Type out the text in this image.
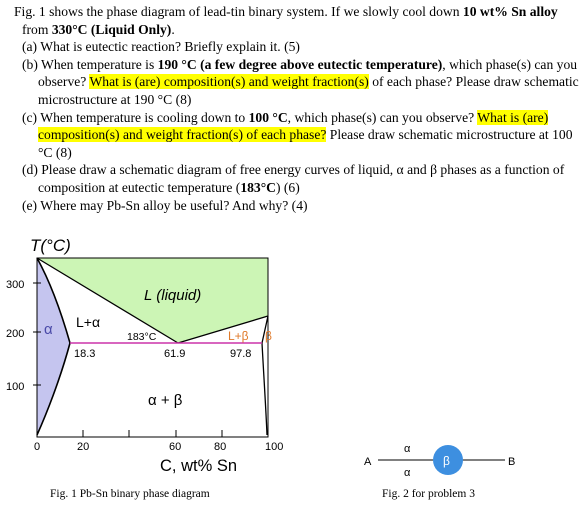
Fig. 1 shows the phase diagram of lead-tin binary system. If we slowly cool down 10 wt% Sn alloy from 330°C (Liquid Only).

(a) What is eutectic reaction? Briefly explain it. (5)

(b) When temperature is 190 °C (a few degree above eutectic temperature), which phase(s) can you observe? What is (are) composition(s) and weight fraction(s) of each phase? Please draw schematic microstructure at 190 °C (8)

(c) When temperature is cooling down to 100 °C, which phase(s) can you observe? What is (are) composition(s) and weight fraction(s) of each phase? Please draw schematic microstructure at 100 °C (8)

(d) Please draw a schematic diagram of free energy curves of liquid, α and β phases as a function of composition at eutectic temperature (183°C) (6)

(e) Where may Pb-Sn alloy be useful? And why? (4)

T(°C)
300
200
100
0	20	60	80	100
C, wt% Sn
L (liquid)
L+α
α	L+β β
α + β
183°C
18.3	61.9	97.8
Fig. 1 Pb-Sn binary phase diagram
A	B
α
α
β
Fig. 2 for problem 3
